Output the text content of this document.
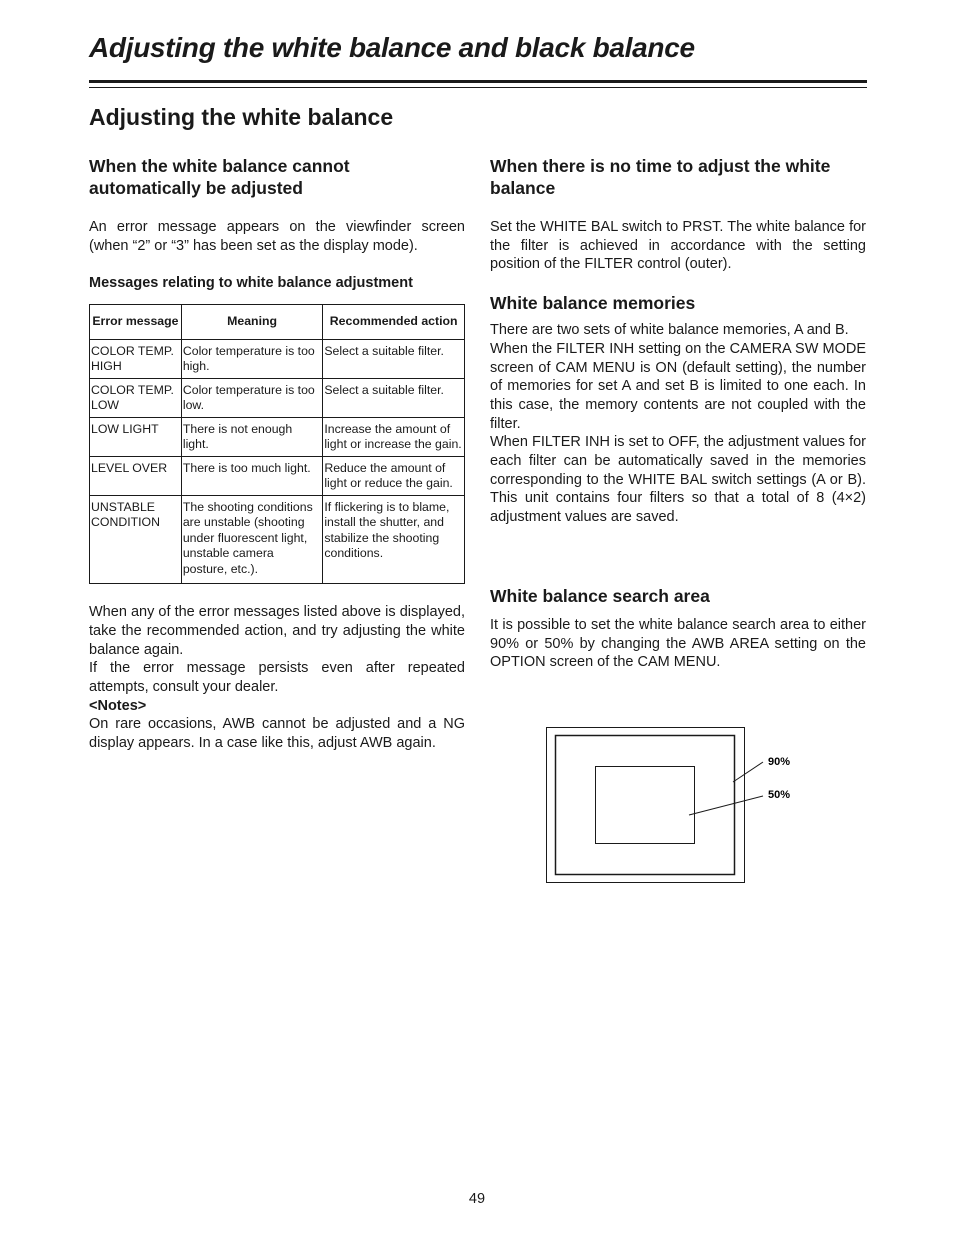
Adjusting the white balance and black balance
Adjusting the white balance
When the white balance cannot automatically be adjusted

An error message appears on the viewfinder screen (when “2” or “3” has been set as the display mode).

Messages relating to white balance adjustment

Error message	Meaning	Recommended action
COLOR TEMP. HIGH	Color temperature is too high.	Select a suitable filter.
COLOR TEMP. LOW	Color temperature is too low.	Select a suitable filter.
LOW LIGHT	There is not enough light.	Increase the amount of light or increase the gain.
LEVEL OVER	There is too much light.	Reduce the amount of light or reduce the gain.
UNSTABLE CONDITION	The shooting conditions are unstable (shooting under fluorescent light, unstable camera posture, etc.).	If flickering is to blame, install the shutter, and stabilize the shooting conditions.

When any of the error messages listed above is displayed, take the recommended action, and try adjusting the white balance again.

If the error message persists even after repeated attempts, consult your dealer.

<Notes>

On rare occasions, AWB cannot be adjusted and a NG display appears. In a case like this, adjust AWB again.

When there is no time to adjust the white balance

Set the WHITE BAL switch to PRST. The white balance for the filter is achieved in accordance with the setting position of the FILTER control (outer).

White balance memories

There are two sets of white balance memories, A and B.

When the FILTER INH setting on the CAMERA SW MODE screen of CAM MENU is ON (default setting), the number of memories for set A and set B is limited to one each. In this case, the memory contents are not coupled with the filter.

When FILTER INH is set to OFF, the adjustment values for each filter can be automatically saved in the memories corresponding to the WHITE BAL switch settings (A or B). This unit contains four filters so that a total of 8 (4×2) adjustment values are saved.

White balance search area

It is possible to set the white balance search area to either 90% or 50% by changing the AWB AREA setting on the OPTION screen of the CAM MENU.

90%
50%
49
